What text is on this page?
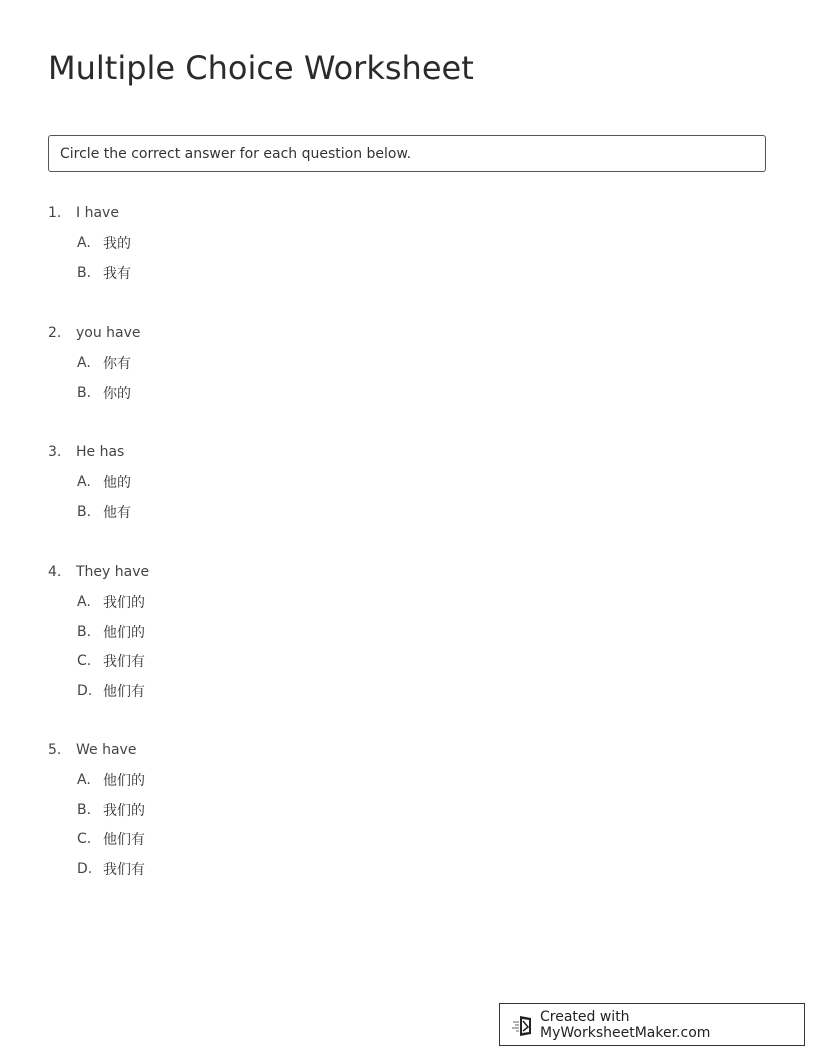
Multiple Choice Worksheet
Circle the correct answer for each question below.
1.	I have
A. 我的
B. 我有
2.	you have
A. 你有
B. 你的
3.	He has
A. 他的
B. 他有
4.	They have
A. 我们的
B. 他们的
C. 我们有
D. 他们有
5.	We have
A. 他们的
B. 我们的
C. 他们有
D. 我们有
Created with MyWorksheetMaker.com
